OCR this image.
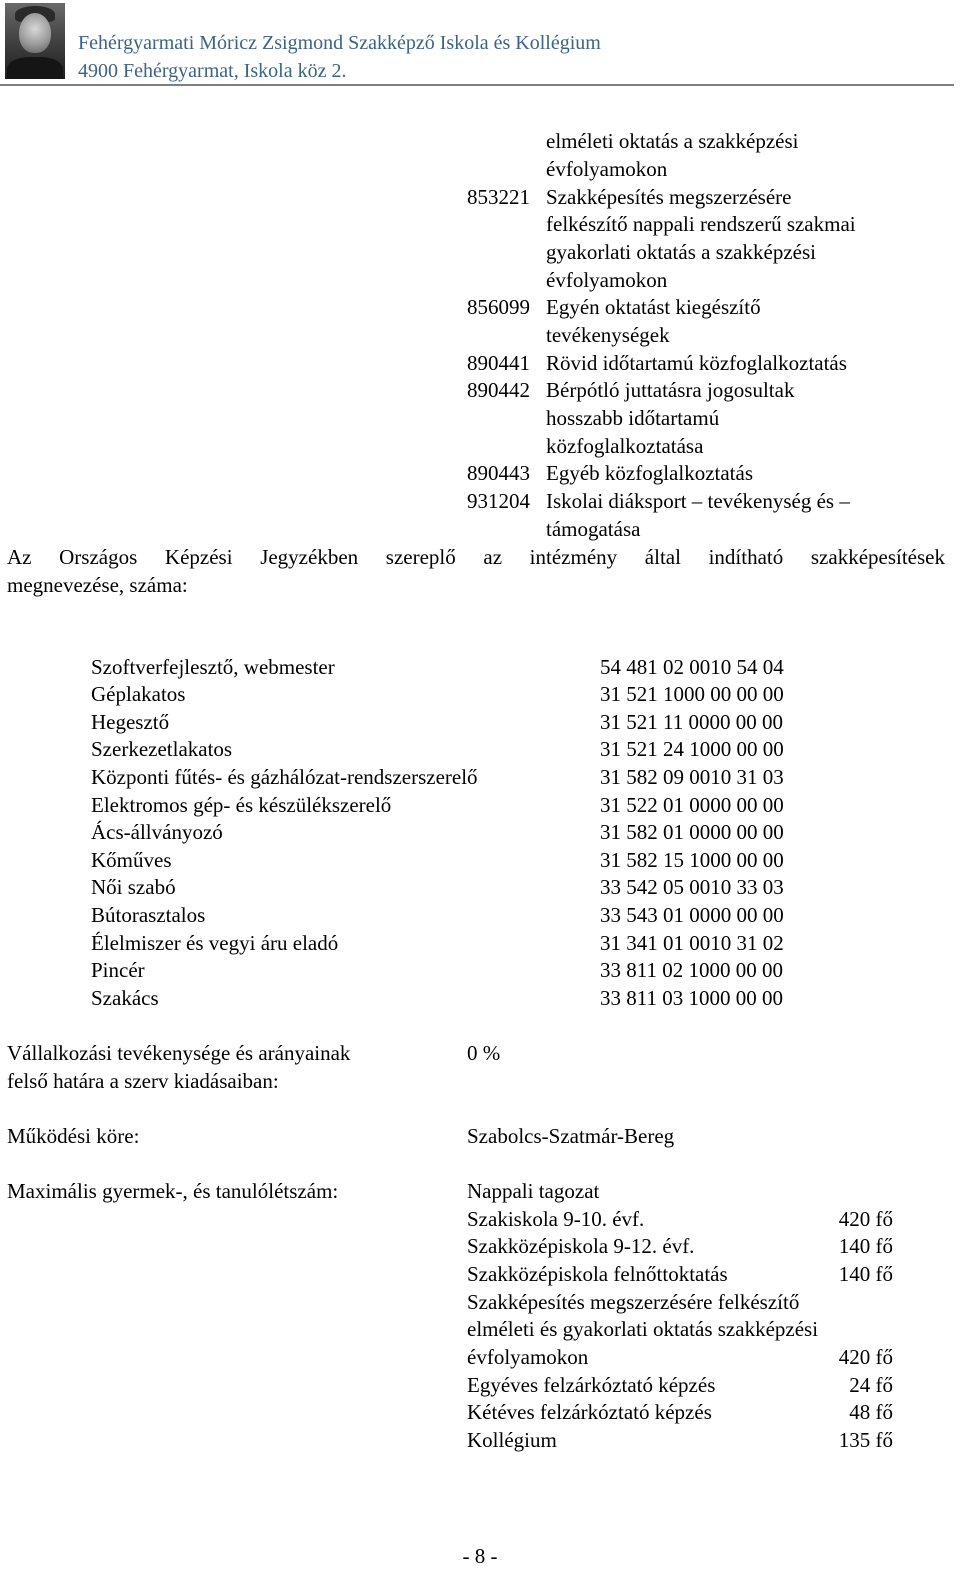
Fehérgyarmati Móricz Zsigmond Szakképző Iskola és Kollégium
4900 Fehérgyarmat, Iskola köz 2.
elméleti oktatás a szakképzési
évfolyamokon
853221 Szakképesítés megszerzésére
felkészítő nappali rendszerű szakmai
gyakorlati oktatás a szakképzési
évfolyamokon
856099 Egyén oktatást kiegészítő
tevékenységek
890441 Rövid időtartamú közfoglalkoztatás
890442 Bérpótló juttatásra jogosultak
hosszabb időtartamú
közfoglalkoztatása
890443 Egyéb közfoglalkoztatás
931204 Iskolai diáksport – tevékenység és –
támogatása
Az Országos Képzési Jegyzékben szereplő az intézmény által indítható szakképesítések
megnevezése, száma:
Szoftverfejlesztő, webmester	54 481 02 0010 54 04
Géplakatos	31 521 1000 00 00 00
Hegesztő	31 521 11 0000 00 00
Szerkezetlakatos	31 521 24 1000 00 00
Központi fűtés- és gázhálózat-rendszerszerelő	31 582 09 0010 31 03
Elektromos gép- és készülékszerelő	31 522 01 0000 00 00
Ács-állványozó	31 582 01 0000 00 00
Kőműves	31 582 15 1000 00 00
Női szabó	33 542 05 0010 33 03
Bútorasztalos	33 543 01 0000 00 00
Élelmiszer és vegyi áru eladó	31 341 01 0010 31 02
Pincér	33 811 02 1000 00 00
Szakács	33 811 03 1000 00 00
Vállalkozási tevékenysége és arányainak
felső határa a szerv kiadásaiban:
0 %
Működési köre:	Szabolcs-Szatmár-Bereg
Maximális gyermek-, és tanulólétszám:	Nappali tagozat
Szakiskola 9-10. évf.	420 fő
Szakközépiskola 9-12. évf.	140 fő
Szakközépiskola felnőttoktatás	140 fő
Szakképesítés megszerzésére felkészítő
elméleti és gyakorlati oktatás szakképzési
évfolyamokon	420 fő
Egyéves felzárkóztató képzés	24 fő
Kétéves felzárkóztató képzés	48 fő
Kollégium	135 fő
- 8 -
